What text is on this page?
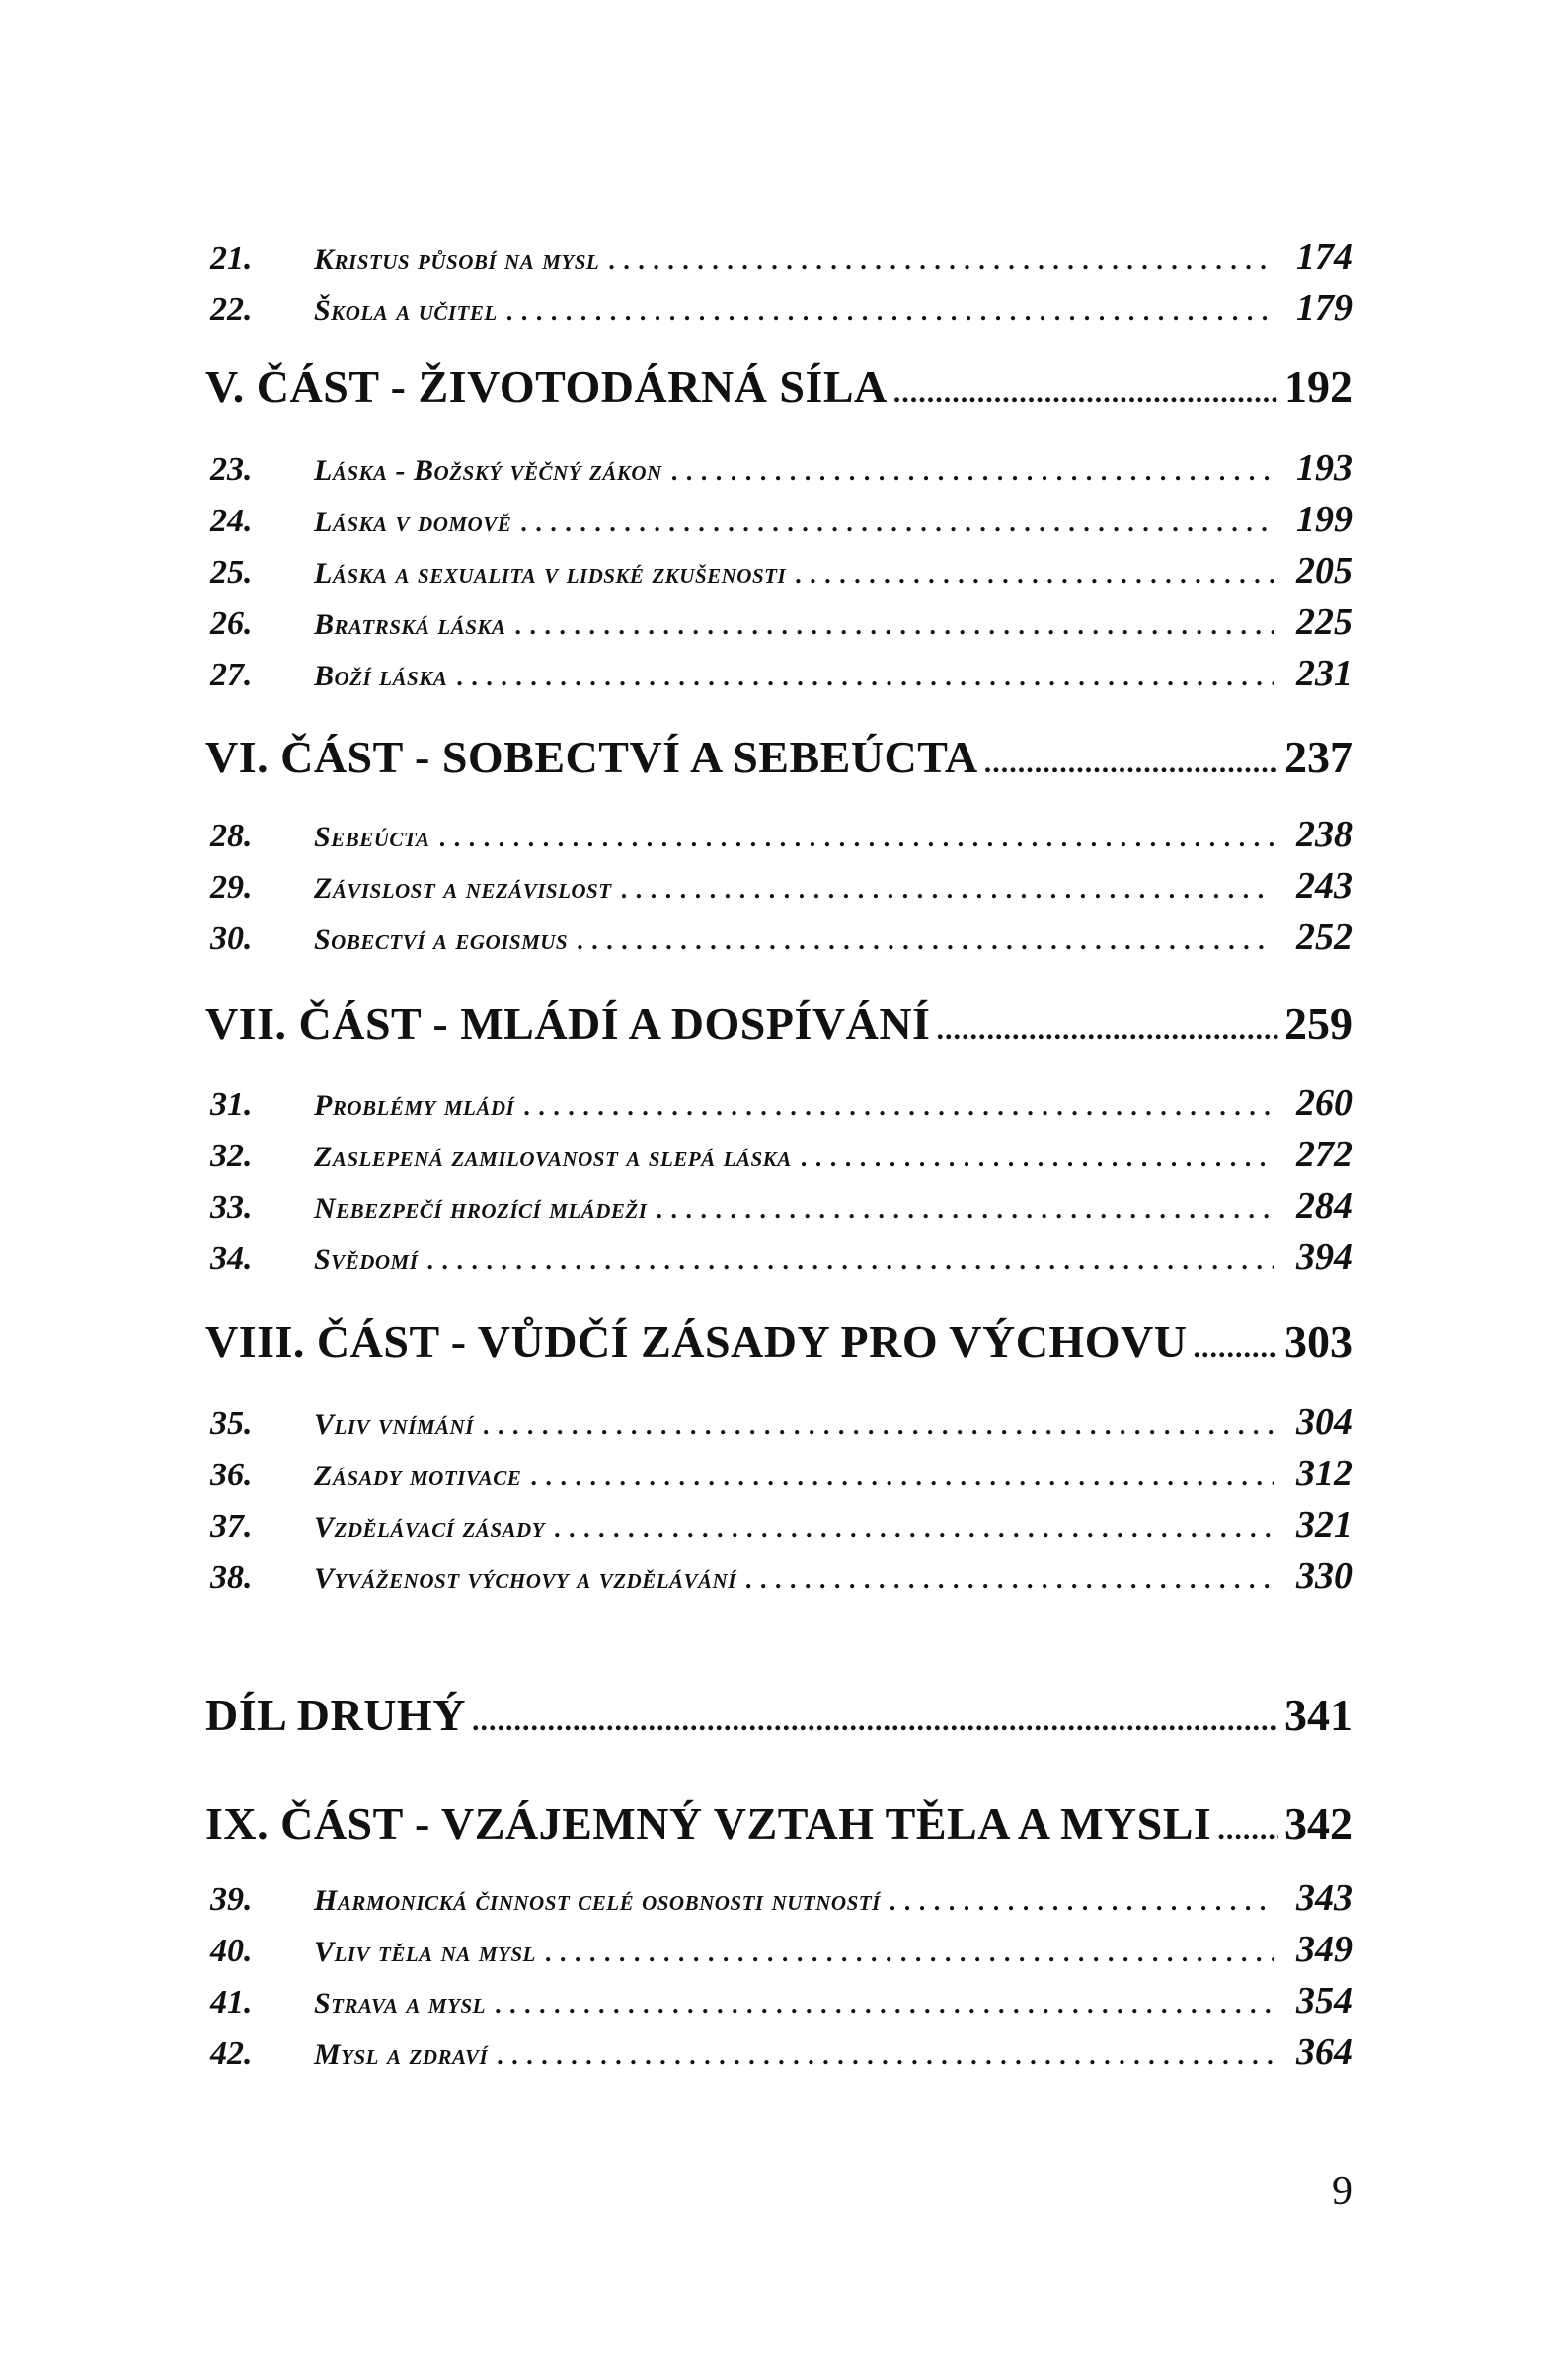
21.	Kristus působí na mysl . . .	174
22.	Škola a učitel . . .	179
V. ČÁST - ŽIVOTODÁRNÁ SÍLA .....	192
23.	Láska - Božský věčný zákon . . .	193
24.	Láska v domově . . .	199
25.	Láska a sexualita v lidské zkušenosti . . .	205
26.	Bratrská láska . . .	225
27.	Boží láska . . .	231
VI. ČÁST - SOBECTVÍ A SEBEÚCTA .....	237
28.	Sebeúcta . . .	238
29.	Závislost a nezávislost . . .	243
30.	Sobectví a egoismus . . .	252
VII. ČÁST - MLÁDÍ A DOSPÍVÁNÍ .....	259
31.	Problémy mládí . . .	260
32.	Zaslepená zamilovanost a slepá láska . . .	272
33.	Nebezpečí hrozící mládeži . . .	284
34.	Svědomí . . .	394
VIII. ČÁST - VŮDČÍ ZÁSADY PRO VÝCHOVU ..... 303
35.	Vliv vnímání . . .	304
36.	Zásady motivace . . .	312
37.	Vzdělávací zásady . . .	321
38.	Vyváženost výchovy a vzdělávání . . .	330
DÍL DRUHÝ .....	341
IX. ČÁST - VZÁJEMNÝ VZTAH TĚLA A MYSLI ..... 342
39.	Harmonická činnost celé osobnosti nutností . . .	343
40.	Vliv těla na mysl . . .	349
41.	Strava a mysl . . .	354
42.	Mysl a zdraví . . .	364
9
